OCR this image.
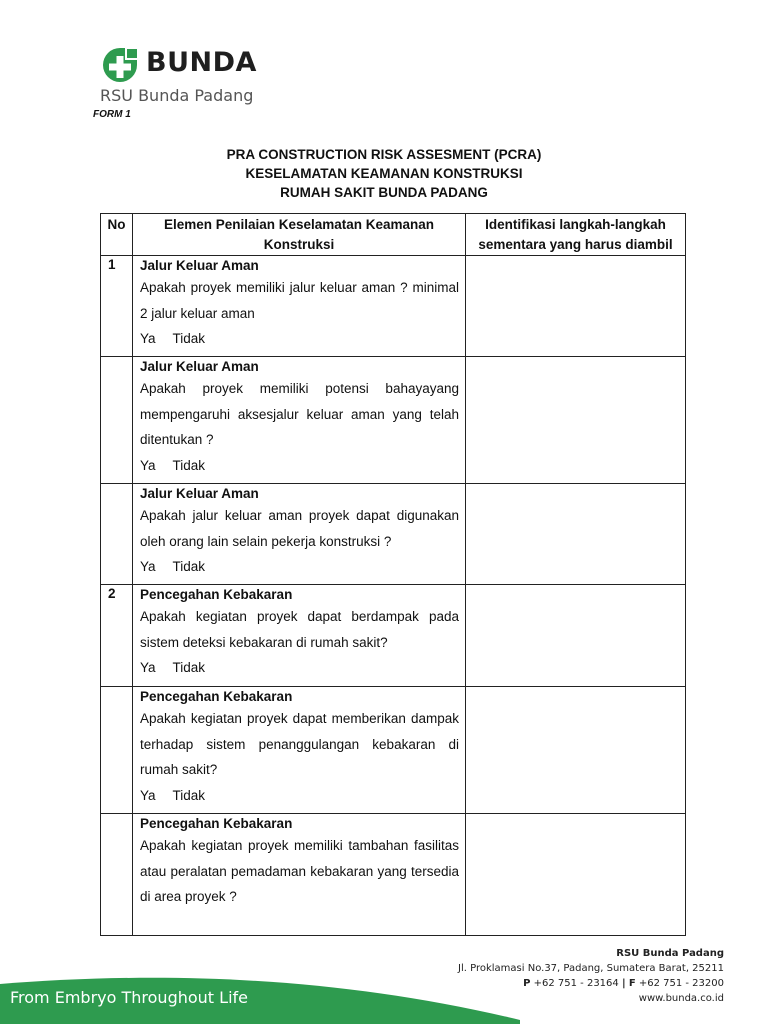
BUNDA
RSU Bunda Padang
FORM 1
PRA CONSTRUCTION RISK ASSESMENT (PCRA)
KESELAMATAN KEAMANAN KONSTRUKSI
RUMAH SAKIT BUNDA PADANG
No	Elemen Penilaian Keselamatan Keamanan Konstruksi	Identifikasi langkah-langkah sementara yang harus diambil
1	Jalur Keluar Aman
Apakah proyek memiliki jalur keluar aman ? minimal 2 jalur keluar aman
Ya Tidak	

	Jalur Keluar Aman
Apakah proyek memiliki potensi bahayayang mempengaruhi aksesjalur keluar aman yang telah ditentukan ?
Ya Tidak	

	Jalur Keluar Aman
Apakah jalur keluar aman proyek dapat digunakan oleh orang lain selain pekerja konstruksi ?
Ya Tidak	

2	Pencegahan Kebakaran
Apakah kegiatan proyek dapat berdampak pada sistem deteksi kebakaran di rumah sakit?
Ya Tidak	

	Pencegahan Kebakaran
Apakah kegiatan proyek dapat memberikan dampak terhadap sistem penanggulangan kebakaran di rumah sakit?
Ya Tidak	

	Pencegahan Kebakaran
Apakah kegiatan proyek memiliki tambahan fasilitas atau peralatan pemadaman kebakaran yang tersedia di area proyek ?	

RSU Bunda Padang
Jl. Proklamasi No.37, Padang, Sumatera Barat, 25211
P +62 751 - 23164 | F +62 751 - 23200
www.bunda.co.id
From Embryo Throughout Life
